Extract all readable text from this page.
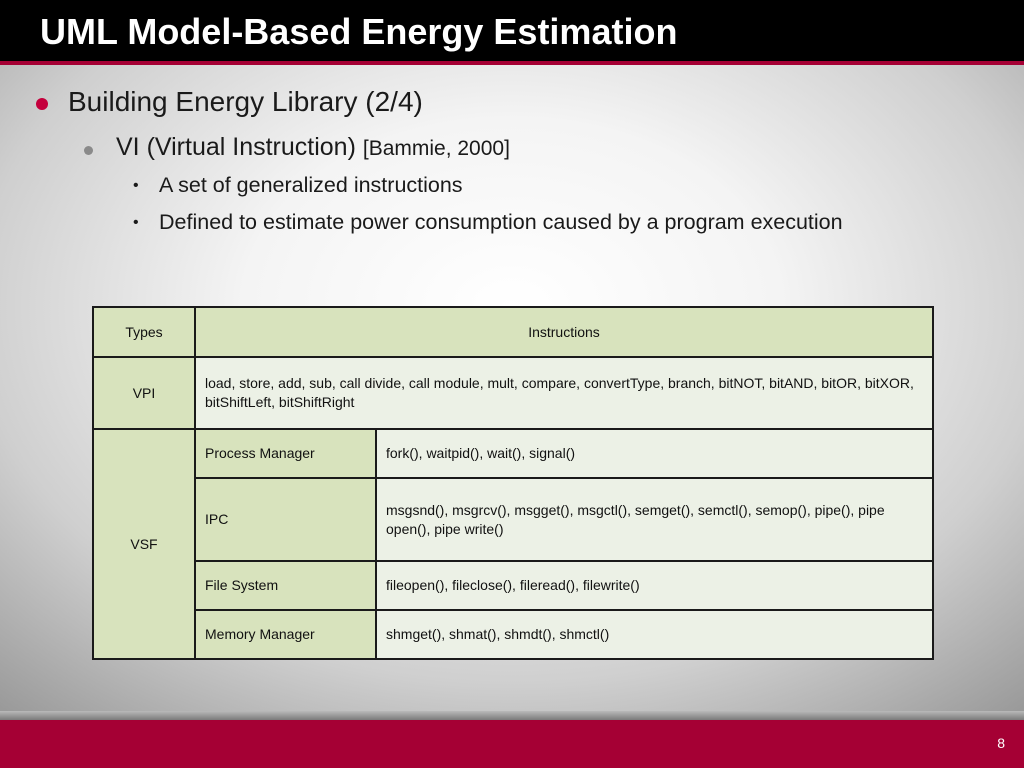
UML Model-Based Energy Estimation
Building Energy Library (2/4)
VI (Virtual Instruction) [Bammie, 2000]
• A set of generalized instructions
• Defined to estimate power consumption caused by a program execution
Types	Instructions	
VPI	load, store, add, sub, call divide, call module, mult, compare, convertType, branch, bitNOT, bitAND, bitOR, bitXOR, bitShiftLeft, bitShiftRight	
VSF	Process Manager	fork(), waitpid(), wait(), signal()
	IPC	msgsnd(), msgrcv(), msgget(), msgctl(), semget(), semctl(), semop(), pipe(), pipe open(), pipe write()
	File System	fileopen(), fileclose(), fileread(), filewrite()
	Memory Manager	shmget(), shmat(), shmdt(), shmctl()
8
